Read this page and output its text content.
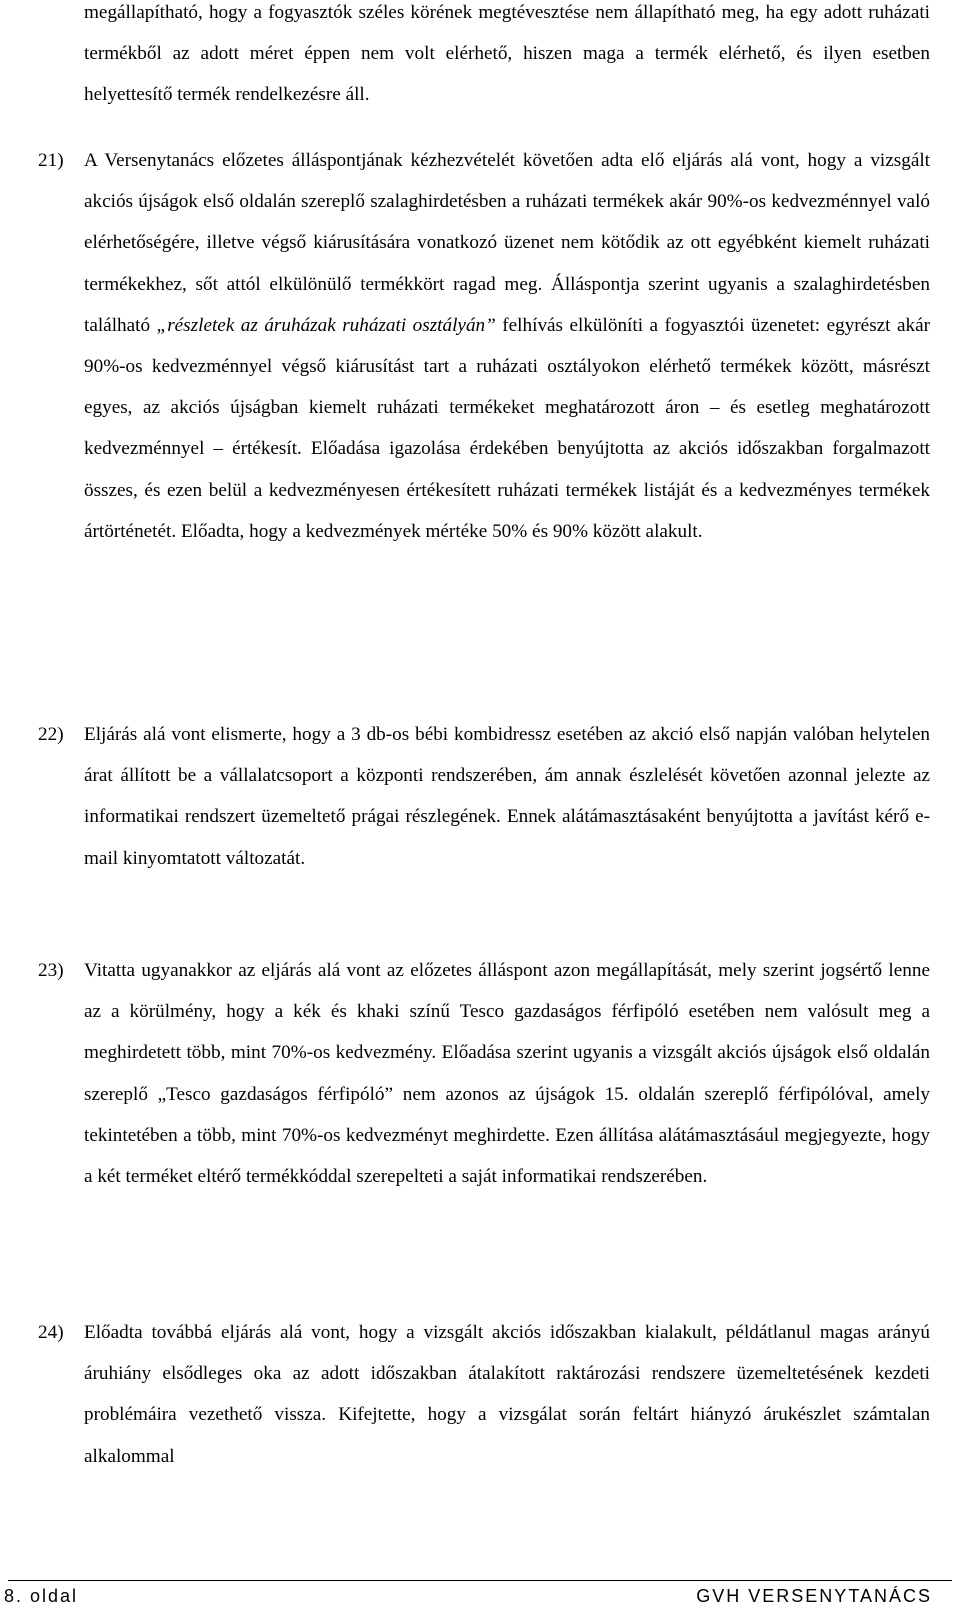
megállapítható, hogy a fogyasztók széles körének megtévesztése nem állapítható meg, ha egy adott ruházati termékből az adott méret éppen nem volt elérhető, hiszen maga a termék elérhető, és ilyen esetben helyettesítő termék rendelkezésre áll.
21) A Versenytanács előzetes álláspontjának kézhezvételét követően adta elő eljárás alá vont, hogy a vizsgált akciós újságok első oldalán szereplő szalaghirdetésben a ruházati termékek akár 90%-os kedvezménnyel való elérhetőségére, illetve végső kiárusítására vonatkozó üzenet nem kötődik az ott egyébként kiemelt ruházati termékekhez, sőt attól elkülönülő termékkört ragad meg. Álláspontja szerint ugyanis a szalaghirdetésben található „részletek az áruházak ruházati osztályán” felhívás elkülöníti a fogyasztói üzenetet: egyrészt akár 90%-os kedvezménnyel végső kiárusítást tart a ruházati osztályokon elérhető termékek között, másrészt egyes, az akciós újságban kiemelt ruházati termékeket meghatározott áron – és esetleg meghatározott kedvezménnyel – értékesít. Előadása igazolása érdekében benyújtotta az akciós időszakban forgalmazott összes, és ezen belül a kedvezményesen értékesített ruházati termékek listáját és a kedvezményes termékek ártörténetét. Előadta, hogy a kedvezmények mértéke 50% és 90% között alakult.
22) Eljárás alá vont elismerte, hogy a 3 db-os bébi kombidressz esetében az akció első napján valóban helytelen árat állított be a vállalatcsoport a központi rendszerében, ám annak észlelését követően azonnal jelezte az informatikai rendszert üzemeltető prágai részlegének. Ennek alátámasztásaként benyújtotta a javítást kérő e-mail kinyomtatott változatát.
23) Vitatta ugyanakkor az eljárás alá vont az előzetes álláspont azon megállapítását, mely szerint jogsértő lenne az a körülmény, hogy a kék és khaki színű Tesco gazdaságos férfipóló esetében nem valósult meg a meghirdetett több, mint 70%-os kedvezmény. Előadása szerint ugyanis a vizsgált akciós újságok első oldalán szereplő „Tesco gazdaságos férfipóló” nem azonos az újságok 15. oldalán szereplő férfipólóval, amely tekintetében a több, mint 70%-os kedvezményt meghirdette. Ezen állítása alátámasztásául megjegyezte, hogy a két terméket eltérő termékkóddal szerepelteti a saját informatikai rendszerében.
24) Előadta továbbá eljárás alá vont, hogy a vizsgált akciós időszakban kialakult, példátlanul magas arányú áruhiány elsődleges oka az adott időszakban átalakított raktározási rendszere üzemeltetésének kezdeti problémáira vezethető vissza. Kifejtette, hogy a vizsgálat során feltárt hiányzó árukészlet számtalan alkalommal
8. oldal	GVH VERSENYTANÁCS
